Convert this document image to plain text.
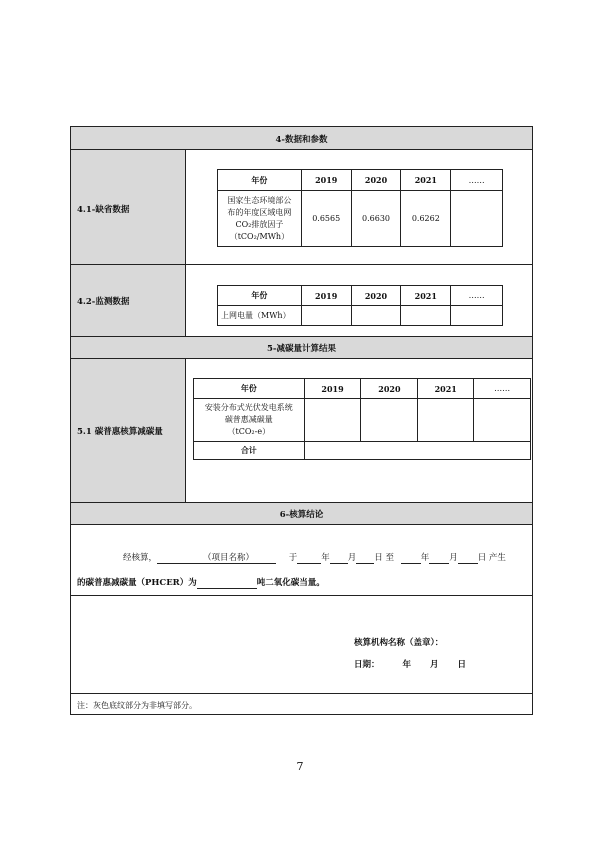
4-数据和参数
4.1-缺省数据
4.2-监测数据
年份	2019	2020	2021	……

国家生态环境部公
布的年度区域电网
CO₂排放因子
（tCO₂/MWh）	0.6565	0.6630	0.6262	
年份	2019	2020	2021	……
上网电量（MWh）				
5-减碳量计算结果
5.1 碳普惠核算减碳量
年份	2019	2020	2021	……

安装分布式光伏发电系统
碳普惠减碳量
（tCO₂-e）				

合计				
6-核算结论
经核算，	（项目名称）	于	年 月 日 至	年 月 日 产生
的碳普惠减碳量（PHCER）为	吨二氧化碳当量。
核算机构名称（盖章）：
日期：	年 月 日
注：灰色底纹部分为非填写部分。
7
